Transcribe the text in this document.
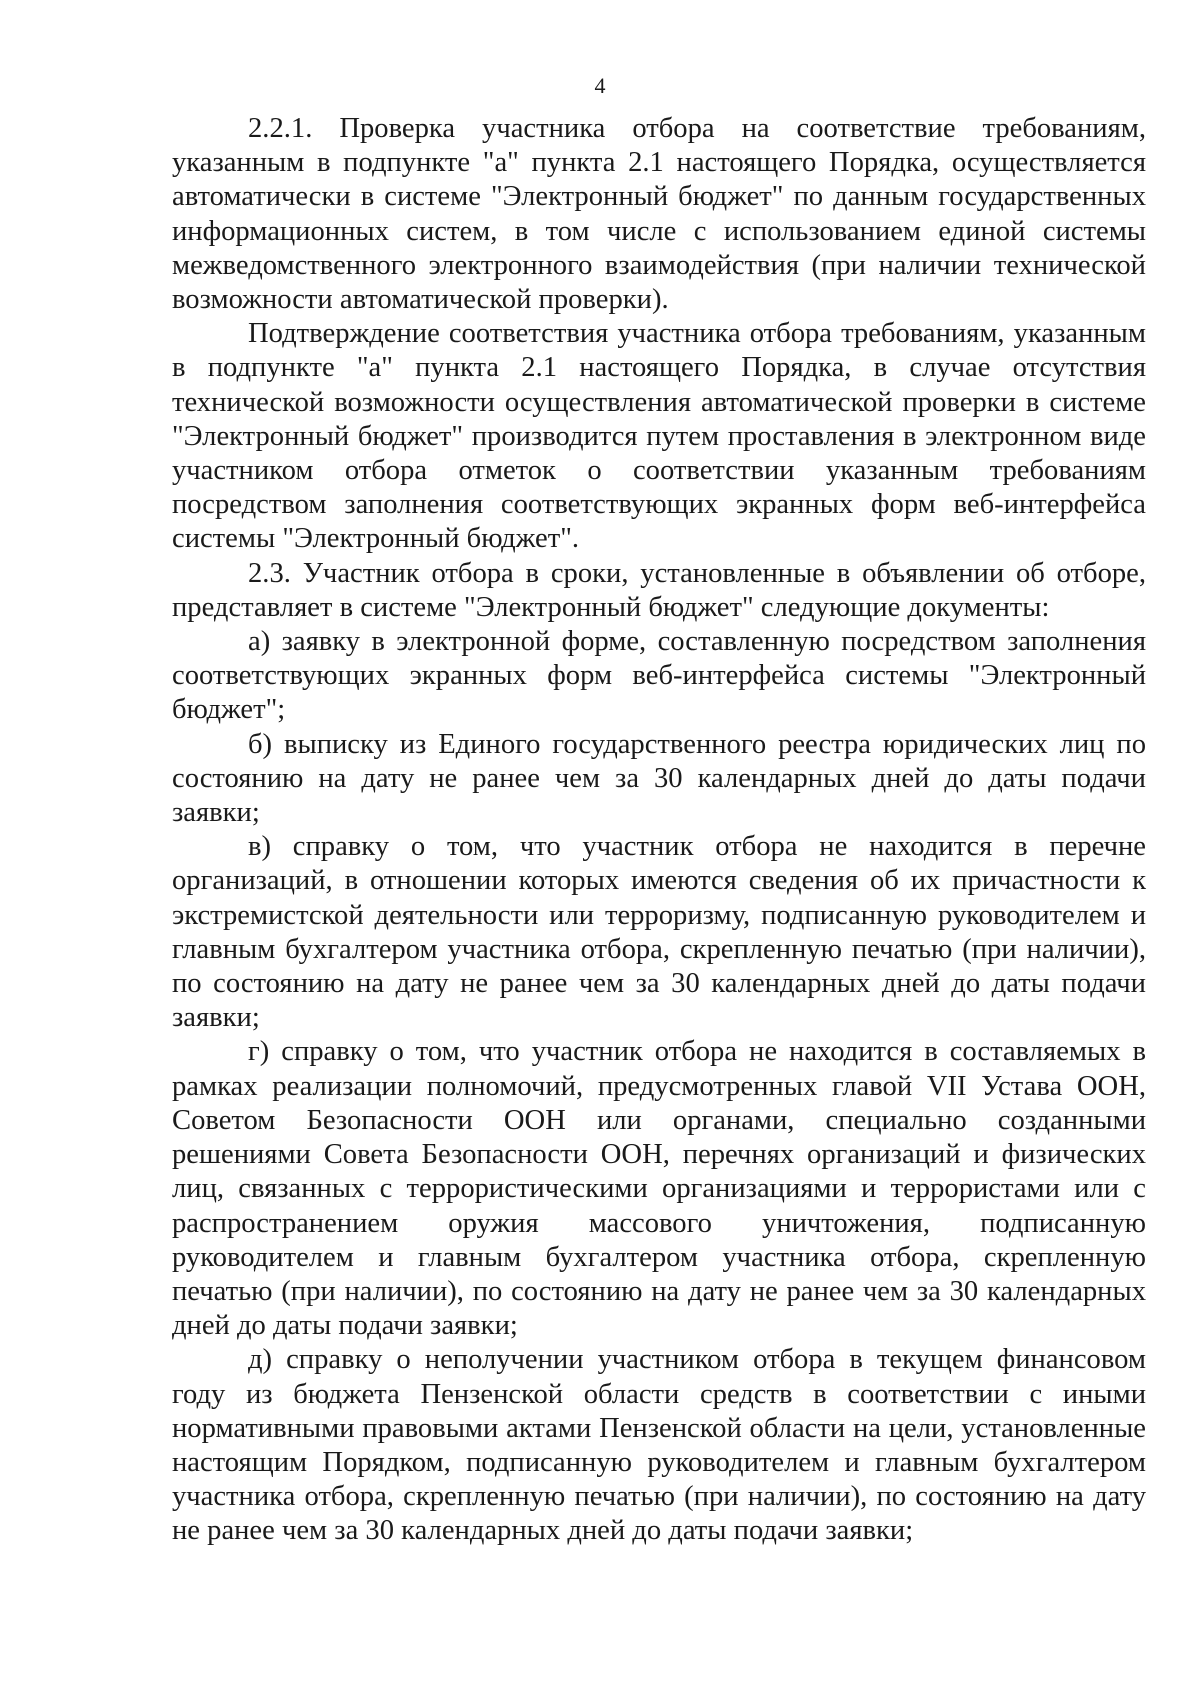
4

2.2.1. Проверка участника отбора на соответствие требованиям, указанным в подпункте "а" пункта 2.1 настоящего Порядка, осуществляется автоматически в системе "Электронный бюджет" по данным государственных информационных систем, в том числе с использованием единой системы межведомственного электронного взаимодействия (при наличии технической возможности автоматической проверки).

Подтверждение соответствия участника отбора требованиям, указанным в подпункте "а" пункта 2.1 настоящего Порядка, в случае отсутствия технической возможности осуществления автоматической проверки в системе "Электронный бюджет" производится путем проставления в электронном виде участником отбора отметок о соответствии указанным требованиям посредством заполнения соответствующих экранных форм веб-интерфейса системы "Электронный бюджет".

2.3. Участник отбора в сроки, установленные в объявлении об отборе, представляет в системе "Электронный бюджет" следующие документы:

а) заявку в электронной форме, составленную посредством заполнения соответствующих экранных форм веб-интерфейса системы "Электронный бюджет";

б) выписку из Единого государственного реестра юридических лиц по состоянию на дату не ранее чем за 30 календарных дней до даты подачи заявки;

в) справку о том, что участник отбора не находится в перечне организаций, в отношении которых имеются сведения об их причастности к экстремистской деятельности или терроризму, подписанную руководителем и главным бухгалтером участника отбора, скрепленную печатью (при наличии), по состоянию на дату не ранее чем за 30 календарных дней до даты подачи заявки;

г) справку о том, что участник отбора не находится в составляемых в рамках реализации полномочий, предусмотренных главой VII Устава ООН, Советом Безопасности ООН или органами, специально созданными решениями Совета Безопасности ООН, перечнях организаций и физических лиц, связанных с террористическими организациями и террористами или с распространением оружия массового уничтожения, подписанную руководителем и главным бухгалтером участника отбора, скрепленную печатью (при наличии), по состоянию на дату не ранее чем за 30 календарных дней до даты подачи заявки;

д) справку о неполучении участником отбора в текущем финансовом году из бюджета Пензенской области средств в соответствии с иными нормативными правовыми актами Пензенской области на цели, установленные настоящим Порядком, подписанную руководителем и главным бухгалтером участника отбора, скрепленную печатью (при наличии), по состоянию на дату не ранее чем за 30 календарных дней до даты подачи заявки;
